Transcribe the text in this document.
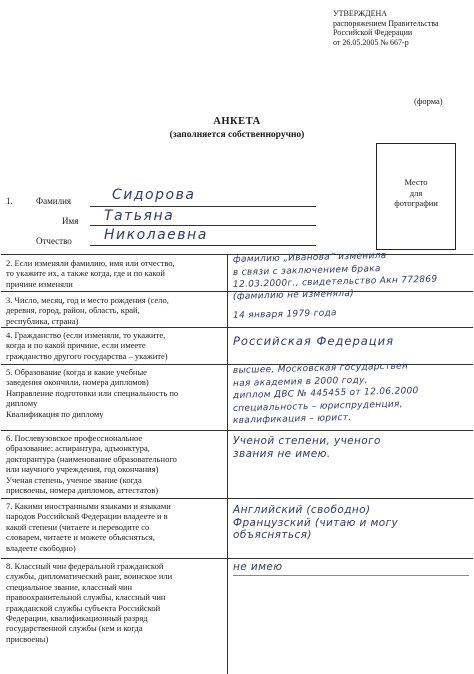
УТВЕРЖДЕНА
распоряжением Правительства
Российской Федерации
от 26.05.2005 № 667-р
(форма)
АНКЕТА
(заполняется собственноручно)
Место
для
фотографии
1.	Фамилия	Сидорова
Имя Татьяна
Отчество Николаевна
2. Если изменяли фамилию, имя или отчество,
то укажите их, а также когда, где и по какой
причине изменяли
фамилию „Иванова“ изменила
в связи с заключением брака
12.03.2000г., свидетельство Aкн 772869
3. Число, месяц, год и место рождения (село,
деревня, город, район, область, край,
республика, страна)
(фамилию не изменяла)
14 января 1979 года
4. Гражданство (если изменяли, то укажите,
когда и по какой причине, если имеете
гражданство другого государства – укажите)
Российская Федерация
5. Образование (когда и какие учебные
заведения окончили, номера дипломов)
Направление подготовки или специальность по
диплому
Квалификация по диплому
высшее, Московская государствен
ная академия в 2000 году,
диплом ДВС № 445455 от 12.06.2000
специальность – юриспруденция,
квалификация – юрист.
6. Послевузовское профессиональное
образование: аспирантура, адъюнктура,
докторантура (наименование образовательного
или научного учреждения, год окончания)
Ученая степень, ученое звание (когда
присвоены, номера дипломов, аттестатов)
Ученой степени, ученого
звания не имею.
7. Какими иностранными языками и языками
народов Российской Федерации владеете и в
какой степени (читаете и переводите со
словарем, читаете и можете объясняться,
владеете свободно)
Английский (свободно)
Французский (читаю и могу
объясняться)
8. Классный чин федеральной гражданской
службы, дипломатический ранг, воинское или
специальное звание, классный чин
правоохранительной службы, классный чин
гражданской службы субъекта Российской
Федерации, квалификационный разряд
государственной службы (кем и когда
присвоены)
не имею
